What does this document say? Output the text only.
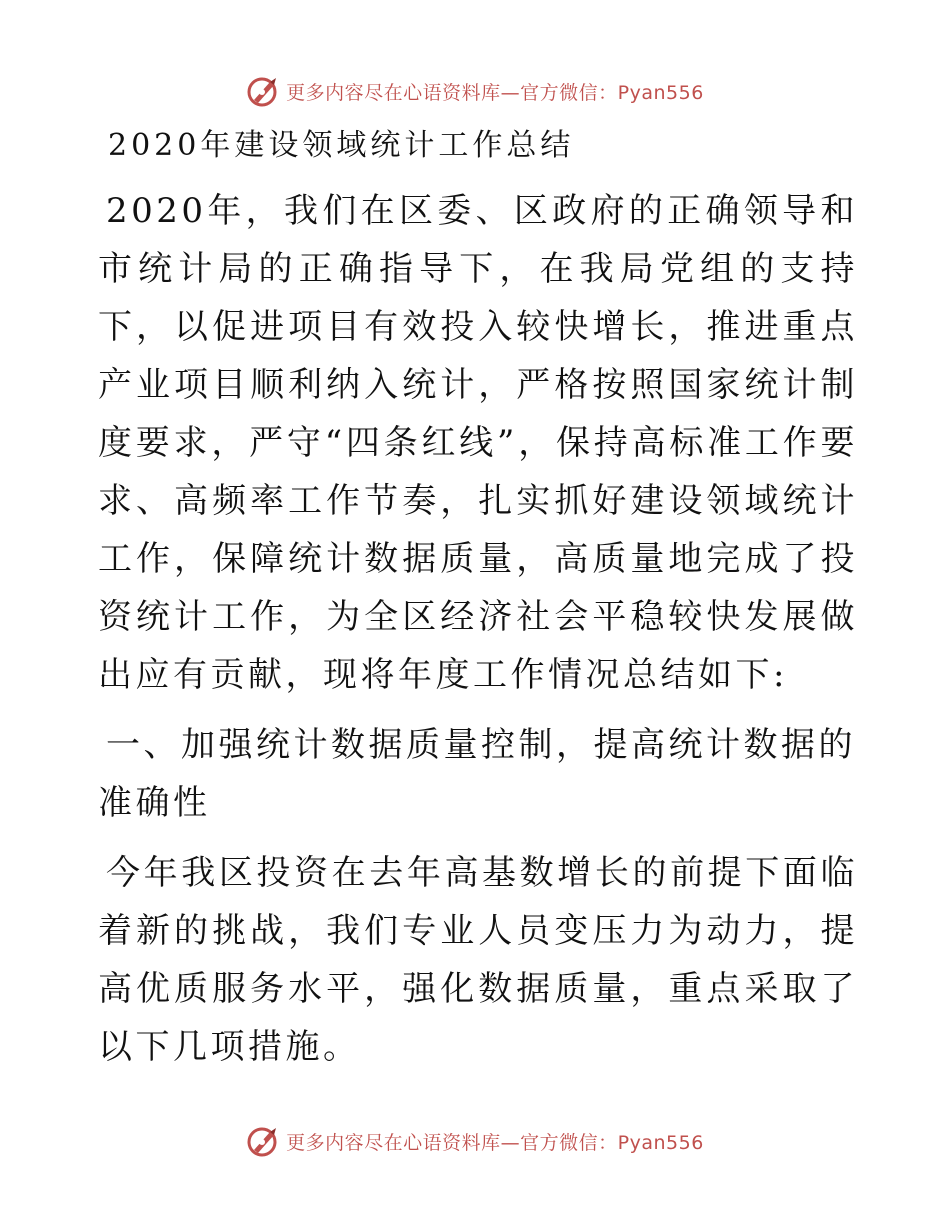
更多内容尽在心语资料库—官方微信：Pyan556
2020年建设领域统计工作总结

2020年，我们在区委、区政府的正确领导和市统计局的正确指导下，在我局党组的支持下，以促进项目有效投入较快增长，推进重点产业项目顺利纳入统计，严格按照国家统计制度要求，严守“四条红线”，保持高标准工作要求、高频率工作节奏，扎实抓好建设领域统计工作，保障统计数据质量，高质量地完成了投资统计工作，为全区经济社会平稳较快发展做出应有贡献，现将年度工作情况总结如下:

一、加强统计数据质量控制，提高统计数据的准确性

今年我区投资在去年高基数增长的前提下面临着新的挑战，我们专业人员变压力为动力，提高优质服务水平，强化数据质量，重点采取了以下几项措施。

更多内容尽在心语资料库—官方微信：Pyan556
